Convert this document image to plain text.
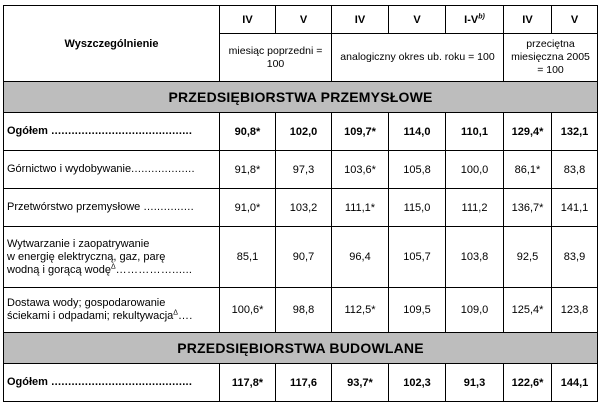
Wyszczególnienie	IV	V	IV	V	$I-V^{b)}$	IV	V
	miesiąc poprzedni = 100		analogiczny okres ub. roku = 100			przeciętna miesięczna 2005 = 100	
PRZEDSIĘBIORSTWA PRZEMYSŁOWE							
Ogółem ..........................................	90,8*	102,0	109,7*	114,0	110,1	129,4*	132,1
Górnictwo i wydobywanie...................	91,8*	97,3	103,6*	105,8	100,0	86,1*	83,8
Przetwórstwo przemysłowe ...............	91,0*	103,2	111,1*	115,0	111,2	136,7*	141,1

Wytwarzanie i zaopatrywanie
w energię elektryczną, gaz, parę
wodną i gorącą wodę$^\Delta$……………......	85,1	90,7	96,4	105,7	103,8	92,5	83,9

Dostawa wody; gospodarowanie
ściekami i odpadami; rekultywacja$^\Delta$….	100,6*	98,8	112,5*	109,5	109,0	125,4*	123,8
PRZEDSIĘBIORSTWA BUDOWLANE							
Ogółem ..........................................	117,8*	117,6	93,7*	102,3	91,3	122,6*	144,1
